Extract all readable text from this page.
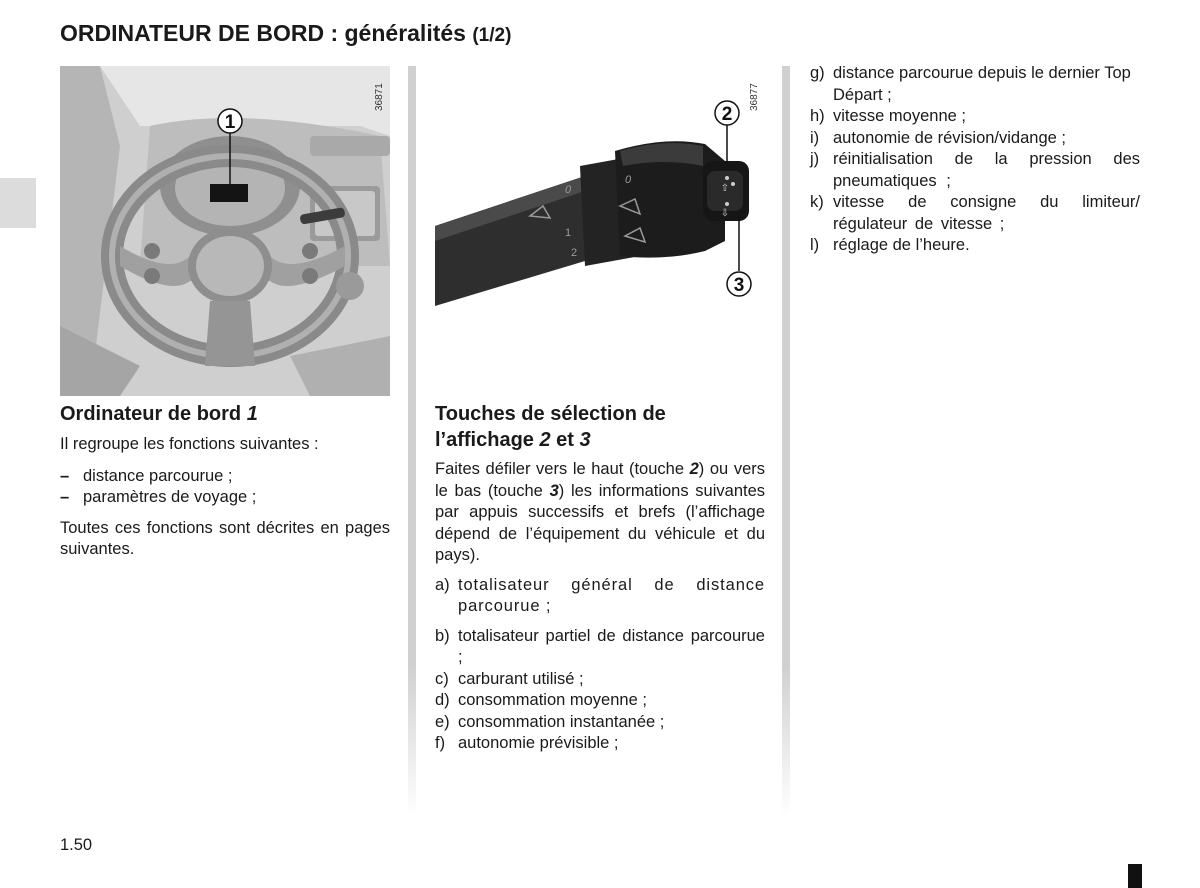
ORDINATEUR DE BORD : généralités (1/2)
1
36871
⇧
⇩
0
0
1
2
2
3
36877
Ordinateur de bord 1
Il regroupe les fonctions suivantes :
– distance parcourue ;
– paramètres de voyage ;
Toutes ces fonctions sont décrites en pages suivantes.
Touches de sélection de
l’affichage 2 et 3
Faites défiler vers le haut (touche 2) ou vers le bas (touche 3) les informations suivantes par appuis successifs et brefs (l’affichage dépend de l’équipement du véhicule et du pays).
a) totalisateur général de distance parcourue ;
b) totalisateur partiel de distance parcourue ;
c) carburant utilisé ;
d) consommation moyenne ;
e) consommation instantanée ;
f) autonomie prévisible ;
g) distance parcourue depuis le dernier Top Départ ;
h) vitesse moyenne ;
i) autonomie de révision/vidange ;
j) réinitialisation de la pression des pneumatiques ;
k) vitesse de consigne du limiteur/ régulateur de vitesse ;
l) réglage de l’heure.
1.50
